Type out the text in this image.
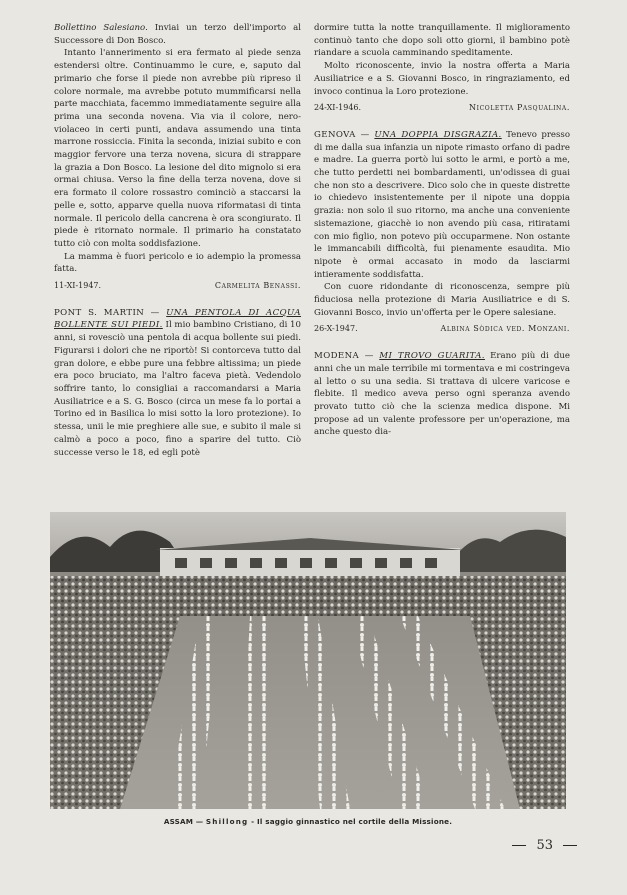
Bollettino Salesiano. Inviai un terzo dell'importo al Successore di Don Bosco.

Intanto l'annerimento si era fermato al piede senza estendersi oltre. Continuammo le cure, e, saputo dal primario che forse il piede non avrebbe più ripreso il colore normale, ma avrebbe potuto mummificarsi nella parte macchiata, facemmo immediatamente seguire alla prima una seconda novena. Via via il colore, nero-violaceo in certi punti, andava assumendo una tinta marrone rossiccia. Finita la seconda, iniziai subito e con maggior fervore una terza novena, sicura di strappare la grazia a Don Bosco. La lesione del dito mignolo si era ormai chiusa. Verso la fine della terza novena, dove si era formato il colore rossastro cominciò a staccarsi la pelle e, sotto, apparve quella nuova riformatasi di tinta normale. Il pericolo della cancrena è ora scongiurato. Il piede è ritornato normale. Il primario ha constatato tutto ciò con molta soddisfazione.

La mamma è fuori pericolo e io adempio la promessa fatta.

11-XI-1947.	Carmelita Benassi.

PONT S. MARTIN — UNA PENTOLA DI ACQUA BOLLENTE SUI PIEDI. Il mio bambino Cristiano, di 10 anni, si rovesciò una pentola di acqua bollente sui piedi. Figurarsi i dolori che ne riportò! Si contorceva tutto dal gran dolore, e ebbe pure una febbre altissima; un piede era poco bruciato, ma l'altro faceva pietà. Vedendolo soffrire tanto, lo consigliai a raccomandarsi a Maria Ausiliatrice e a S. G. Bosco (circa un mese fa lo portai a Torino ed in Basilica lo misi sotto la loro protezione). Io stessa, unii le mie preghiere alle sue, e subito il male si calmò a poco a poco, fino a sparire del tutto. Ciò successe verso le 18, ed egli potè

dormire tutta la notte tranquillamente. Il miglioramento continuò tanto che dopo soli otto giorni, il bambino potè riandare a scuola camminando speditamente.

Molto riconoscente, invio la nostra offerta a Maria Ausiliatrice e a S. Giovanni Bosco, in ringraziamento, ed invoco continua la Loro protezione.

24-XI-1946.	Nicoletta Pasqualina.

GENOVA — UNA DOPPIA DISGRAZIA. Tenevo presso di me dalla sua infanzia un nipote rimasto orfano di padre e madre. La guerra portò lui sotto le armi, e portò a me, che tutto perdetti nei bombardamenti, un'odissea di guai che non sto a descrivere. Dico solo che in queste distrette io chiedevo insistentemente per il nipote una doppia grazia: non solo il suo ritorno, ma anche una conveniente sistemazione, giacchè io non avendo più casa, ritiratami con mio figlio, non potevo più occuparmene. Non ostante le immancabili difficoltà, fui pienamente esaudita. Mio nipote è ormai accasato in modo da lasciarmi intieramente soddisfatta.

Con cuore ridondante di riconoscenza, sempre più fiduciosa nella protezione di Maria Ausiliatrice e di S. Giovanni Bosco, invio un'offerta per le Opere salesiane.

26-X-1947.	Albina Sòdica ved. Monzani.

MODENA — MI TROVO GUARITA. Erano più di due anni che un male terribile mi tormentava e mi costringeva al letto o su una sedia. Si trattava di ulcere varicose e flebite. Il medico aveva perso ogni speranza avendo provato tutto ciò che la scienza medica dispone. Mi propose ad un valente professore per un'operazione, ma anche questo dia-

ASSAM — Shillong - Il saggio ginnastico nel cortile della Missione.
53
